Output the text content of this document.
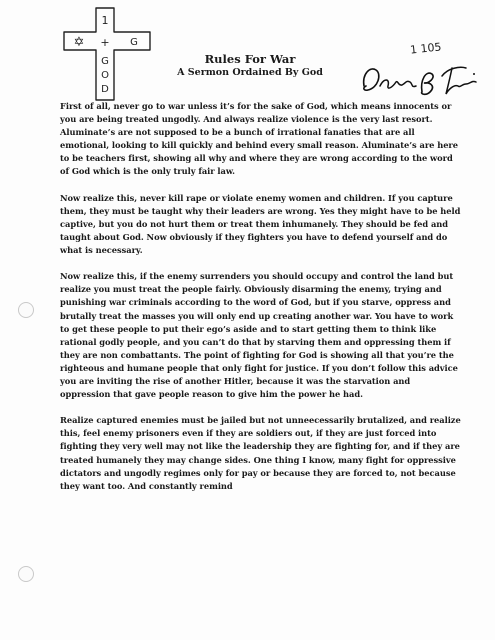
1
+
G
O
D
G
✡
Rules For War
A Sermon Ordained By God
1 105

First of all, never go to war unless it’s for the sake of God, which means innocents or you are being treated ungodly. And always realize violence is the very last resort. Aluminate’s are not supposed to be a bunch of irrational fanaties that are all emotional, looking to kill quickly and behind every small reason. Aluminate’s are here to be teachers first, showing all why and where they are wrong according to the word of God which is the only truly fair law.

Now realize this, never kill rape or violate enemy women and children. If you capture them, they must be taught why their leaders are wrong. Yes they might have to be held captive, but you do not hurt them or treat them inhumanely. They should be fed and taught about God. Now obviously if they fighters you have to defend yourself and do what is necessary.

Now realize this, if the enemy surrenders you should occupy and control the land but realize you must treat the people fairly. Obviously disarming the enemy, trying and punishing war criminals according to the word of God, but if you starve, oppress and brutally treat the masses you will only end up creating another war. You have to work to get these people to put their ego’s aside and to start getting them to think like rational godly people, and you can’t do that by starving them and oppressing them if they are non combattants. The point of fighting for God is showing all that you’re the righteous and humane people that only fight for justice. If you don’t follow this advice you are inviting the rise of another Hitler, because it was the starvation and oppression that gave people reason to give him the power he had.

Realize captured enemies must be jailed but not unneecessarily brutalized, and realize this, feel enemy prisoners even if they are soldiers out, if they are just forced into fighting they very well may not like the leadership they are fighting for, and if they are treated humanely they may change sides. One thing I know, many fight for oppressive dictators and ungodly regimes only for pay or because they are forced to, not because they want too. And constantly remind
